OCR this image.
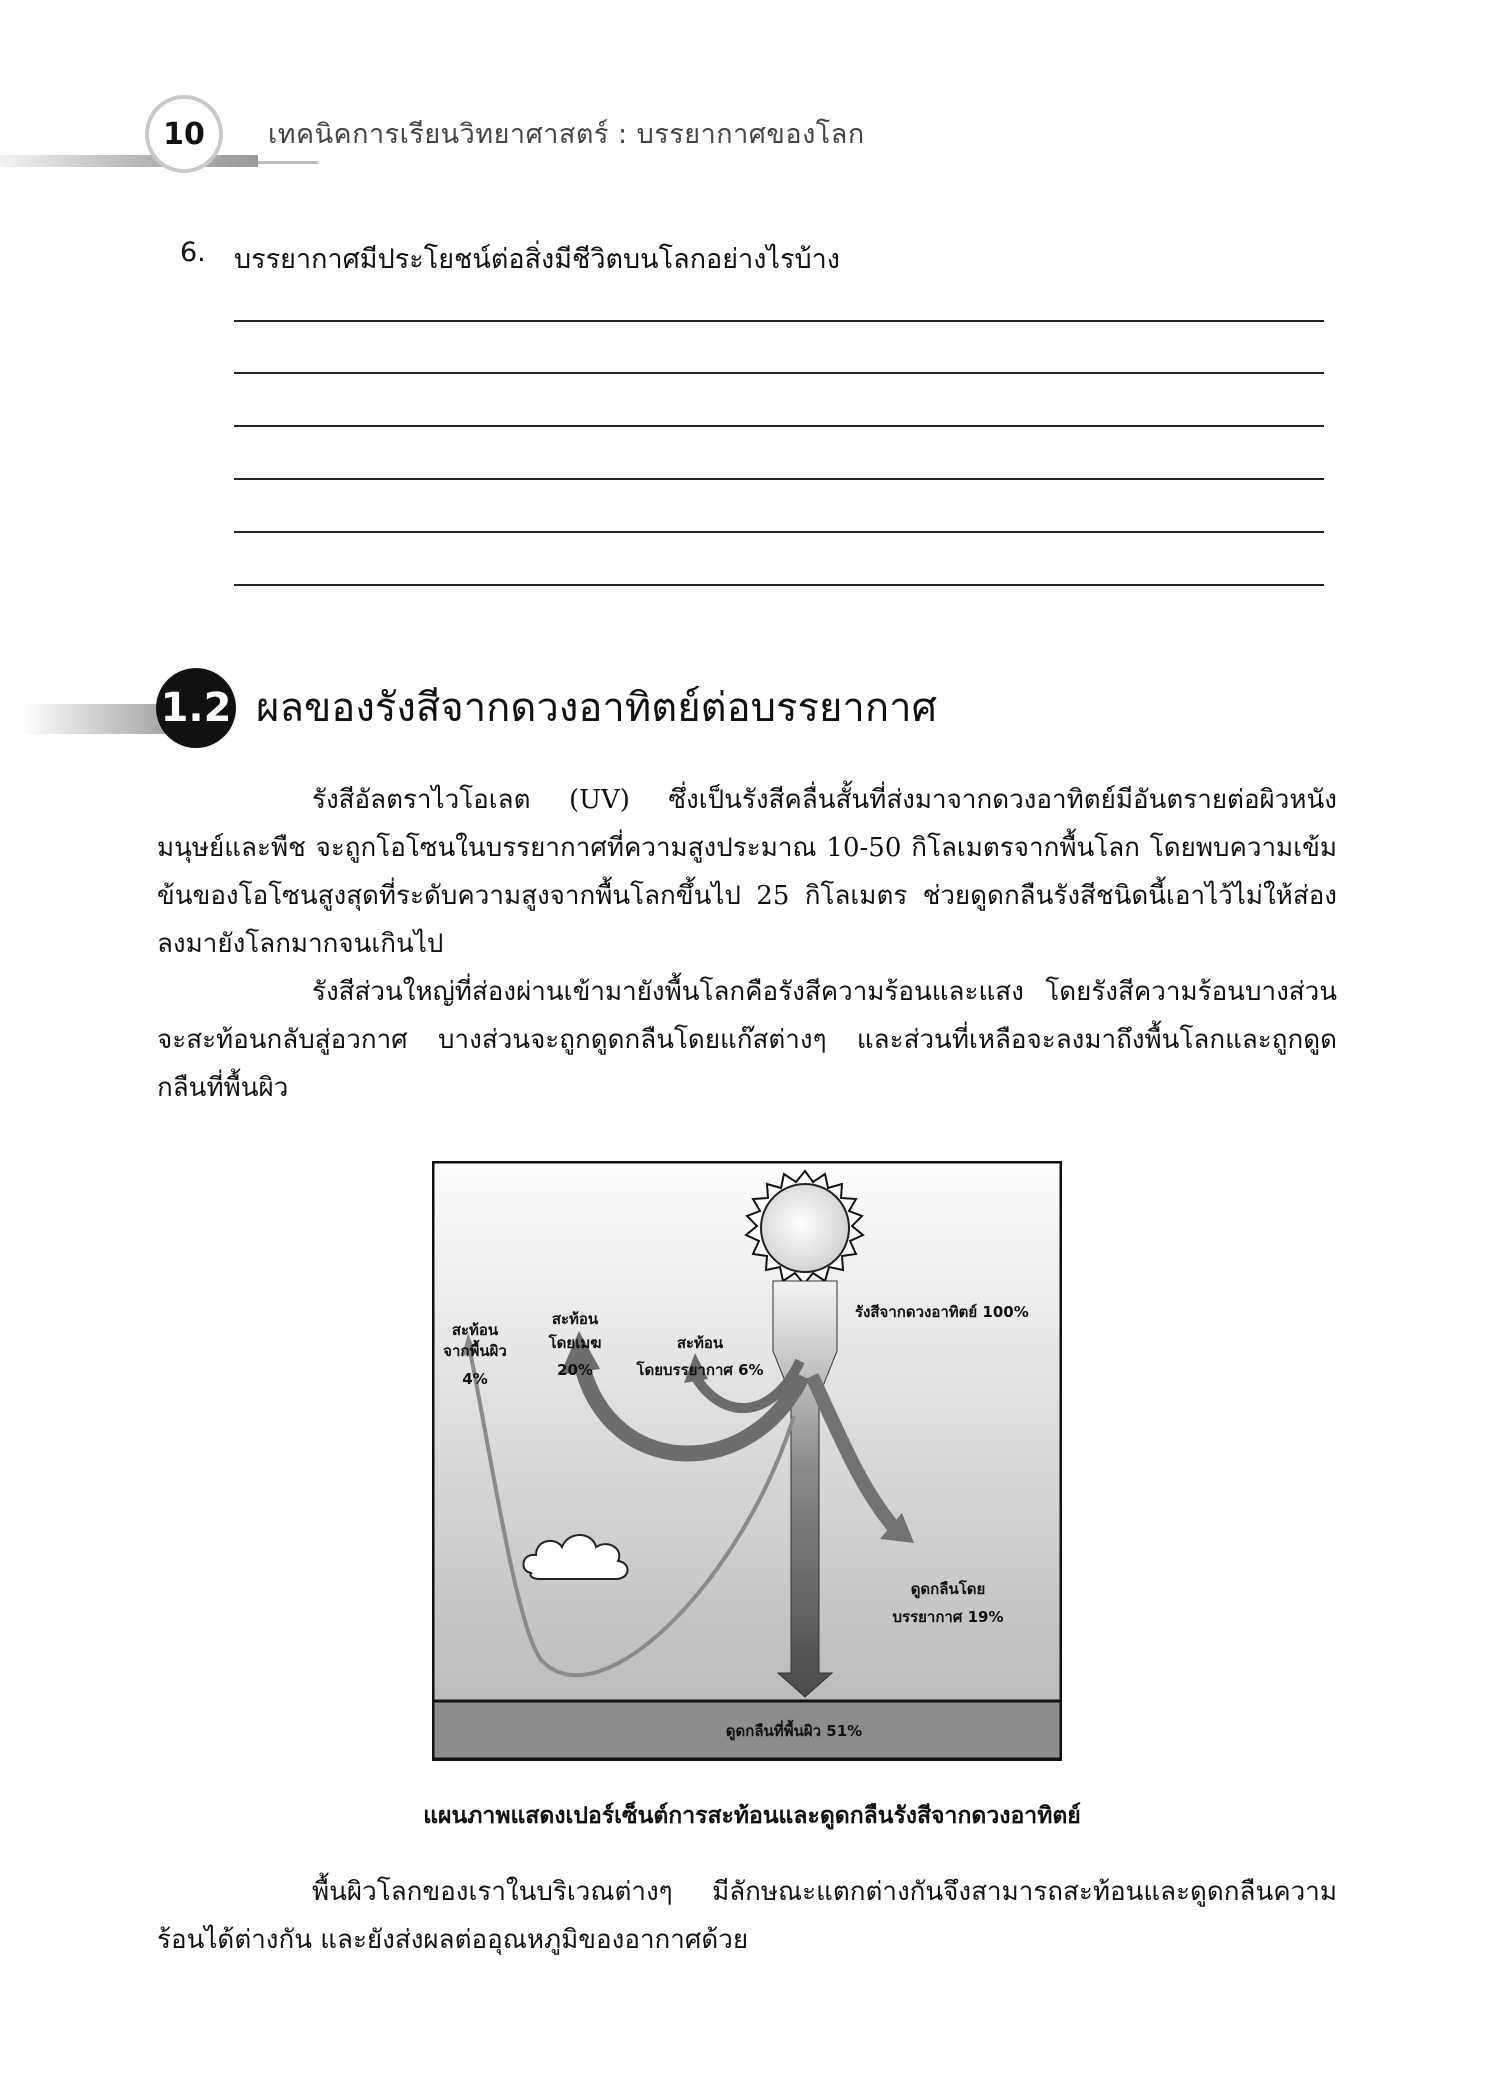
10	เทคนิคการเรียนวิทยาศาสตร์ : บรรยากาศของโลก
6. บรรยากาศมีประโยชน์ต่อสิ่งมีชีวิตบนโลกอย่างไรบ้าง
1.2 ผลของรังสีจากดวงอาทิตย์ต่อบรรยากาศ

รังสีอัลตราไวโอเลต (UV) ซึ่งเป็นรังสีคลื่นสั้นที่ส่งมาจากดวงอาทิตย์มีอันตรายต่อผิวหนังมนุษย์และพืช จะถูกโอโซนในบรรยากาศที่ความสูงประมาณ 10-50 กิโลเมตรจากพื้นโลก โดยพบความเข้มข้นของโอโซนสูงสุดที่ระดับความสูงจากพื้นโลกขึ้นไป 25 กิโลเมตร ช่วยดูดกลืนรังสีชนิดนี้เอาไว้ไม่ให้ส่องลงมายังโลกมากจนเกินไป

รังสีส่วนใหญ่ที่ส่องผ่านเข้ามายังพื้นโลกคือรังสีความร้อนและแสง โดยรังสีความร้อนบางส่วนจะสะท้อนกลับสู่อวกาศ บางส่วนจะถูกดูดกลืนโดยแก๊สต่างๆ และส่วนที่เหลือจะลงมาถึงพื้นโลกและถูกดูดกลืนที่พื้นผิว

รังสีจากดวงอาทิตย์ 100%
สะท้อน
จากพื้นผิว
4%
สะท้อน
โดยเมฆ
20%
สะท้อน
โดยบรรยากาศ 6%
ดูดกลืนโดย
บรรยากาศ 19%
ดูดกลืนที่พื้นผิว 51%
แผนภาพแสดงเปอร์เซ็นต์การสะท้อนและดูดกลืนรังสีจากดวงอาทิตย์

พื้นผิวโลกของเราในบริเวณต่างๆ มีลักษณะแตกต่างกันจึงสามารถสะท้อนและดูดกลืนความร้อนได้ต่างกัน และยังส่งผลต่ออุณหภูมิของอากาศด้วย
